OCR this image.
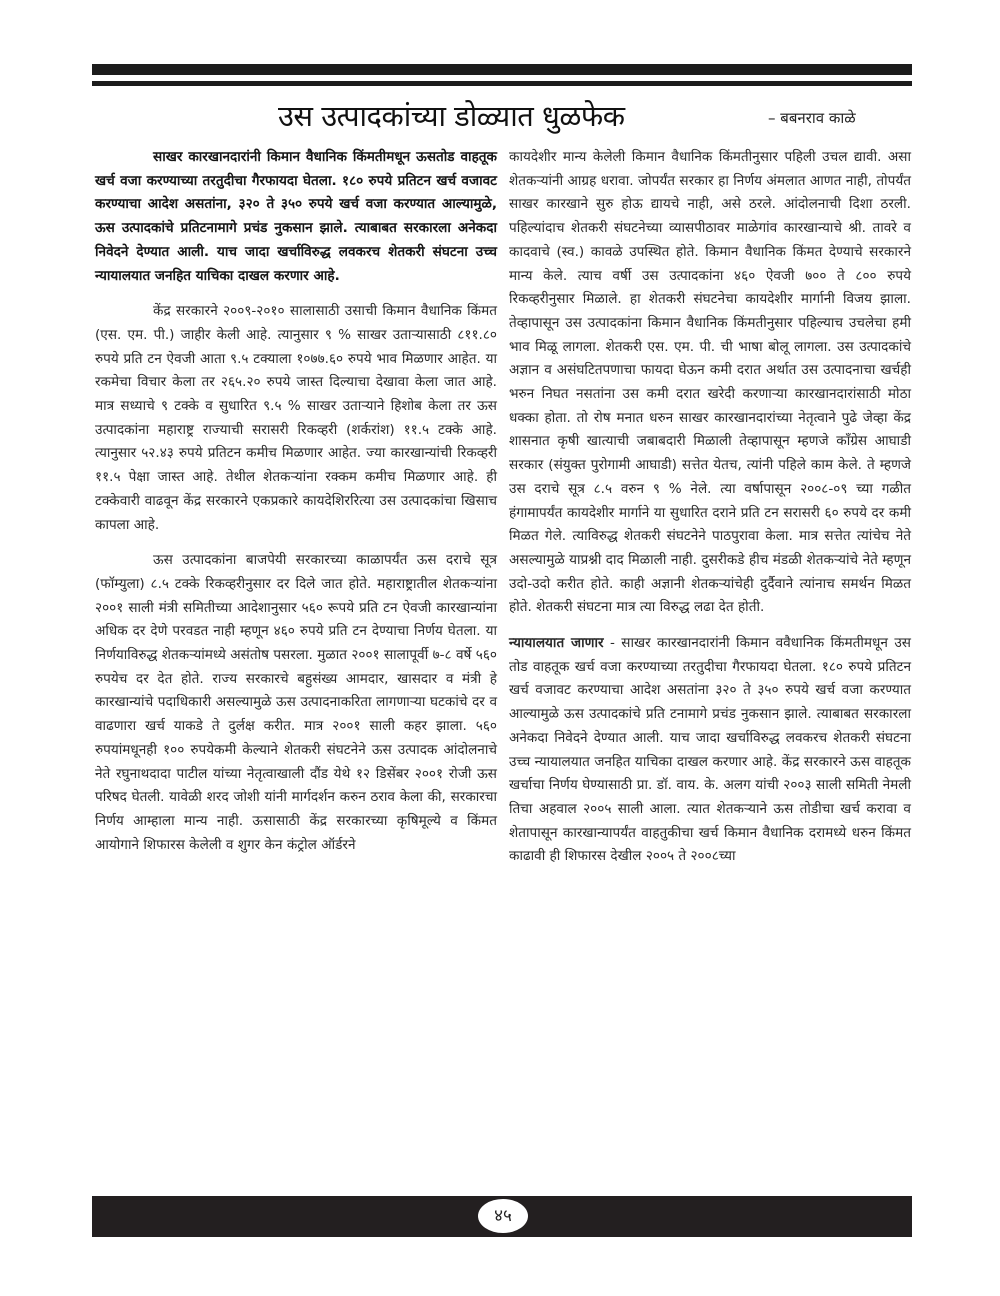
उस उत्पादकांच्या डोळ्यात धुळफेक	– बबनराव काळे

साखर कारखानदारांनी किमान वैधानिक किंमतीमधून ऊसतोड वाहतूक खर्च वजा करण्याच्या तरतुदीचा गैरफायदा घेतला. १८० रुपये प्रतिटन खर्च वजावट करण्याचा आदेश असतांना, ३२० ते ३५० रुपये खर्च वजा करण्यात आल्यामुळे, ऊस उत्पादकांचे प्रतिटनामागे प्रचंड नुकसान झाले. त्याबाबत सरकारला अनेकदा निवेदने देण्यात आली. याच जादा खर्चाविरुद्ध लवकरच शेतकरी संघटना उच्च न्यायालयात जनहित याचिका दाखल करणार आहे.

केंद्र सरकारने २००९-२०१० सालासाठी उसाची किमान वैधानिक किंमत (एस. एम. पी.) जाहीर केली आहे. त्यानुसार ९ % साखर उताऱ्यासाठी ८११.८० रुपये प्रति टन ऐवजी आता ९.५ टक्याला १०७७.६० रुपये भाव मिळणार आहेत. या रकमेचा विचार केला तर २६५.२० रुपये जास्त दिल्याचा देखावा केला जात आहे. मात्र सध्याचे ९ टक्के व सुधारित ९.५ % साखर उताऱ्याने हिशोब केला तर ऊस उत्पादकांना महाराष्ट्र राज्याची सरासरी रिकव्हरी (शर्करांश) ११.५ टक्के आहे. त्यानुसार ५२.४३ रुपये प्रतिटन कमीच मिळणार आहेत. ज्या कारखान्यांची रिकव्हरी ११.५ पेक्षा जास्त आहे. तेथील शेतकऱ्यांना रक्कम कमीच मिळणार आहे. ही टक्केवारी वाढवून केंद्र सरकारने एकप्रकारे कायदेशिररित्या उस उत्पादकांचा खिसाच कापला आहे.

ऊस उत्पादकांना बाजपेयी सरकारच्या काळापर्यंत ऊस दराचे सूत्र (फॉम्युला) ८.५ टक्के रिकव्हरीनुसार दर दिले जात होते. महाराष्ट्रातील शेतकऱ्यांना २००१ साली मंत्री समितीच्या आदेशानुसार ५६० रूपये प्रति टन ऐवजी कारखान्यांना अधिक दर देणे परवडत नाही म्हणून ४६० रुपये प्रति टन देण्याचा निर्णय घेतला. या निर्णयाविरुद्ध शेतकऱ्यांमध्ये असंतोष पसरला. मुळात २००१ सालापूर्वी ७-८ वर्षे ५६० रुपयेच दर देत होते. राज्य सरकारचे बहुसंख्य आमदार, खासदार व मंत्री हे कारखान्यांचे पदाधिकारी असल्यामुळे ऊस उत्पादनाकरिता लागणाऱ्या घटकांचे दर व वाढणारा खर्च याकडे ते दुर्लक्ष करीत. मात्र २००१ साली कहर झाला. ५६० रुपयांमधूनही १०० रुपयेकमी केल्याने शेतकरी संघटनेने ऊस उत्पादक आंदोलनाचे नेते रघुनाथदादा पाटील यांच्या नेतृत्वाखाली दौंड येथे १२ डिसेंबर २००१ रोजी ऊस परिषद घेतली. यावेळी शरद जोशी यांनी मार्गदर्शन करुन ठराव केला की, सरकारचा निर्णय आम्हाला मान्य नाही. ऊसासाठी केंद्र सरकारच्या कृषिमूल्ये व किंमत आयोगाने शिफारस केलेली व शुगर केन कंट्रोल ऑर्डरने

कायदेशीर मान्य केलेली किमान वैधानिक किंमतीनुसार पहिली उचल द्यावी. असा शेतकऱ्यांनी आग्रह धरावा. जोपर्यंत सरकार हा निर्णय अंमलात आणत नाही, तोपर्यंत साखर कारखाने सुरु होऊ द्यायचे नाही, असे ठरले. आंदोलनाची दिशा ठरली. पहिल्यांदाच शेतकरी संघटनेच्या व्यासपीठावर माळेगांव कारखान्याचे श्री. तावरे व कादवाचे (स्व.) कावळे उपस्थित होते. किमान वैधानिक किंमत देण्याचे सरकारने मान्य केले. त्याच वर्षी उस उत्पादकांना ४६० ऐवजी ७०० ते ८०० रुपये रिकव्हरीनुसार मिळाले. हा शेतकरी संघटनेचा कायदेशीर मार्गानी विजय झाला. तेव्हापासून उस उत्पादकांना किमान वैधानिक किंमतीनुसार पहिल्याच उचलेचा हमी भाव मिळू लागला. शेतकरी एस. एम. पी. ची भाषा बोलू लागला. उस उत्पादकांचे अज्ञान व असंघटितपणाचा फायदा घेऊन कमी दरात अर्थात उस उत्पादनाचा खर्चही भरुन निघत नसतांना उस कमी दरात खरेदी करणाऱ्या कारखानदारांसाठी मोठा धक्का होता. तो रोष मनात धरुन साखर कारखानदारांच्या नेतृत्वाने पुढे जेव्हा केंद्र शासनात कृषी खात्याची जबाबदारी मिळाली तेव्हापासून म्हणजे कॉंग्रेस आघाडी सरकार (संयुक्त पुरोगामी आघाडी) सत्तेत येतच, त्यांनी पहिले काम केले. ते म्हणजे उस दराचे सूत्र ८.५ वरुन ९ % नेले. त्या वर्षापासून २००८-०९ च्या गळीत हंगामापर्यंत कायदेशीर मार्गाने या सुधारित दराने प्रति टन सरासरी ६० रुपये दर कमी मिळत गेले. त्याविरुद्ध शेतकरी संघटनेने पाठपुरावा केला. मात्र सत्तेत त्यांचेच नेते असल्यामुळे याप्रश्नी दाद मिळाली नाही. दुसरीकडे हीच मंडळी शेतकऱ्यांचे नेते म्हणून उदो-उदो करीत होते. काही अज्ञानी शेतकऱ्यांचेही दुर्दैवाने त्यांनाच समर्थन मिळत होते. शेतकरी संघटना मात्र त्या विरुद्ध लढा देत होती.

न्यायालयात जाणार - साखर कारखानदारांनी किमान ववैधानिक किंमतीमधून उस तोड वाहतूक खर्च वजा करण्याच्या तरतुदीचा गैरफायदा घेतला. १८० रुपये प्रतिटन खर्च वजावट करण्याचा आदेश असतांना ३२० ते ३५० रुपये खर्च वजा करण्यात आल्यामुळे ऊस उत्पादकांचे प्रति टनामागे प्रचंड नुकसान झाले. त्याबाबत सरकारला अनेकदा निवेदने देण्यात आली. याच जादा खर्चाविरुद्ध लवकरच शेतकरी संघटना उच्च न्यायालयात जनहित याचिका दाखल करणार आहे. केंद्र सरकारने ऊस वाहतूक खर्चाचा निर्णय घेण्यासाठी प्रा. डॉ. वाय. के. अलग यांची २००३ साली समिती नेमली तिचा अहवाल २००५ साली आला. त्यात शेतकऱ्याने ऊस तोडीचा खर्च करावा व शेतापासून कारखान्यापर्यंत वाहतुकीचा खर्च किमान वैधानिक दरामध्ये धरुन किंमत काढावी ही शिफारस देखील २००५ ते २००८च्या

४५
